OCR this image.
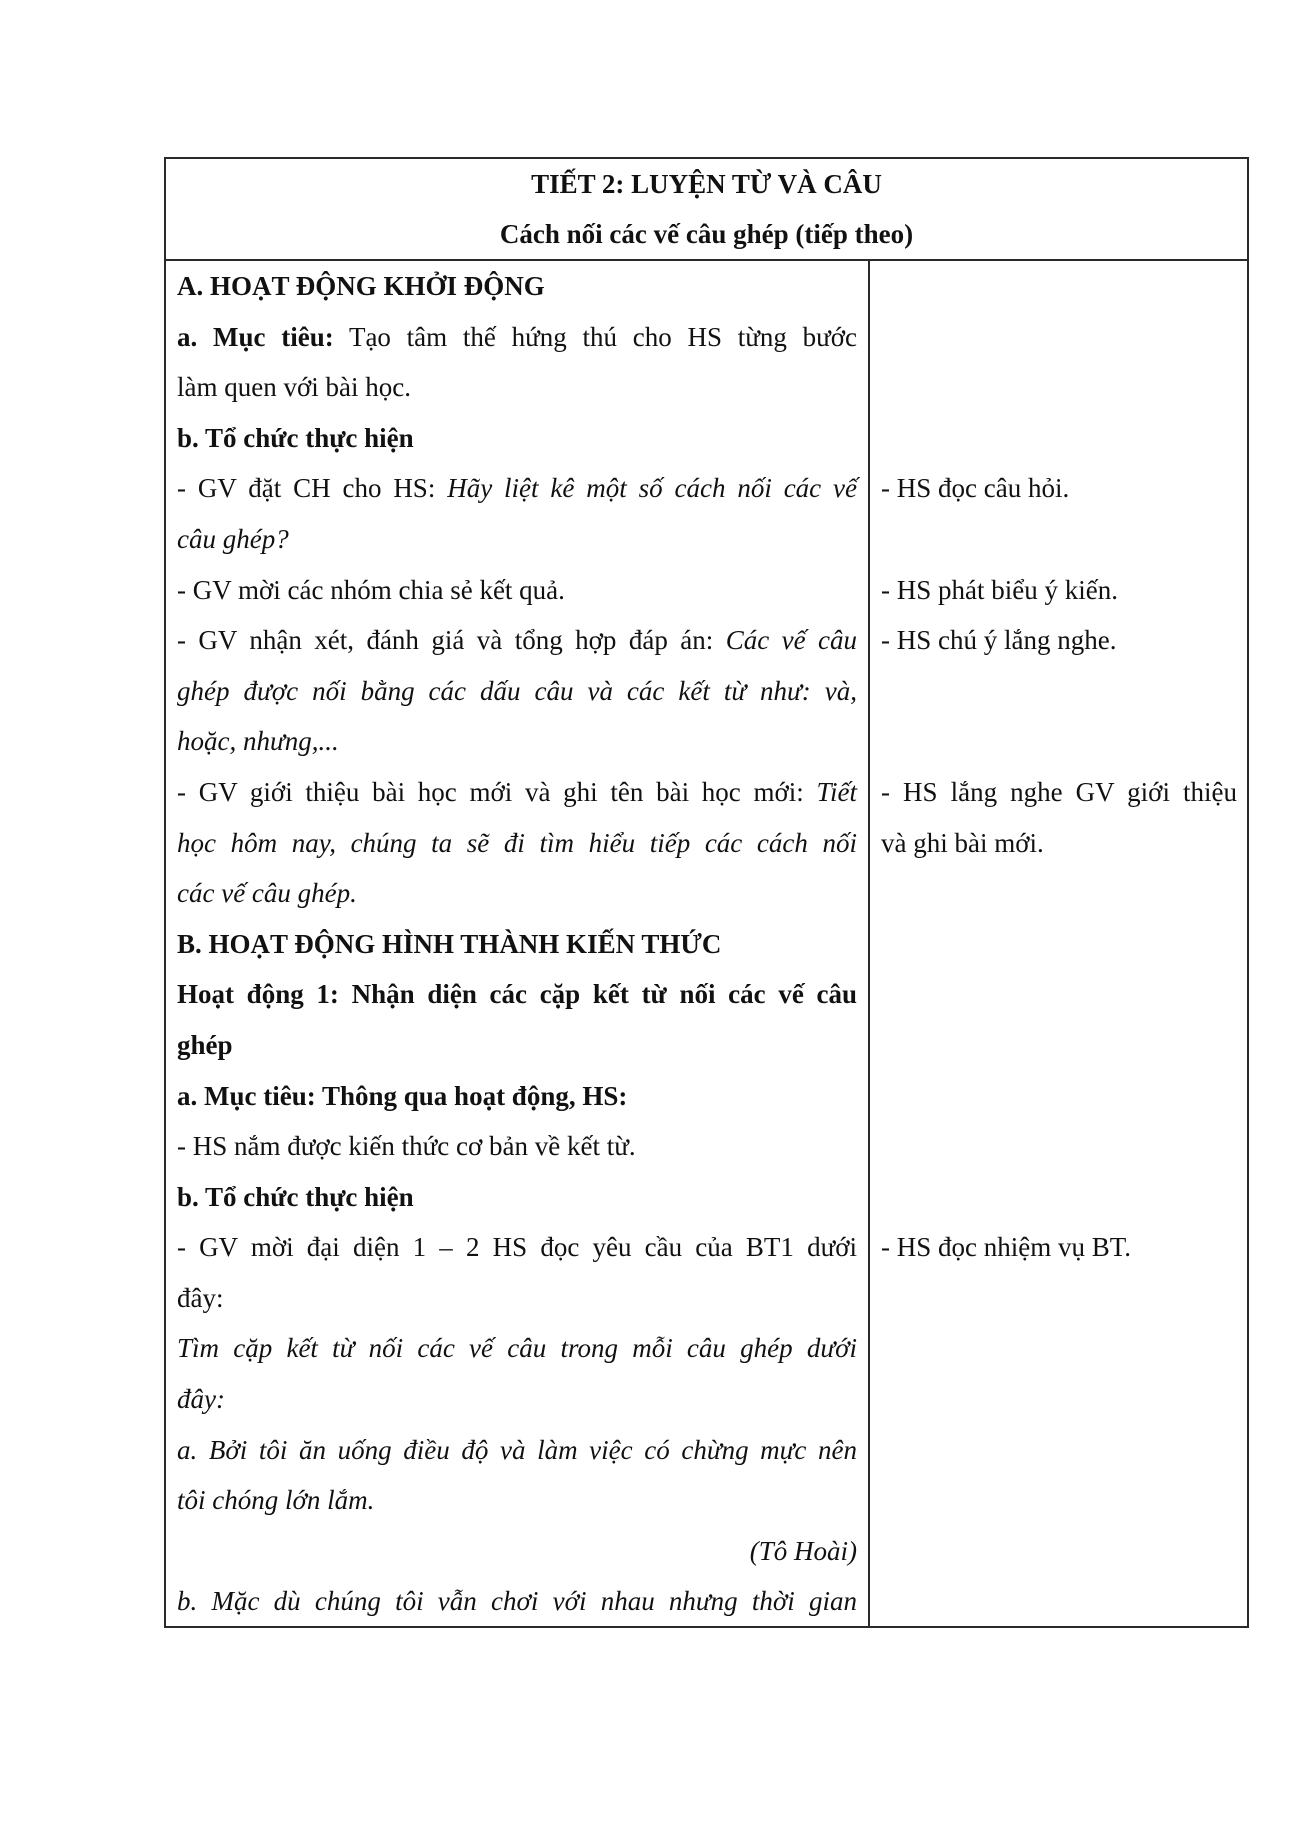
TIẾT 2: LUYỆN TỪ VÀ CÂU
Cách nối các vế câu ghép (tiếp theo)
A. HOẠT ĐỘNG KHỞI ĐỘNG
a. Mục tiêu: Tạo tâm thế hứng thú cho HS từng bước
làm quen với bài học.
b. Tổ chức thực hiện
- GV đặt CH cho HS: Hãy liệt kê một số cách nối các vế
câu ghép?
- GV mời các nhóm chia sẻ kết quả.
- GV nhận xét, đánh giá và tổng hợp đáp án: Các vế câu
ghép được nối bằng các dấu câu và các kết từ như: và,
hoặc, nhưng,...
- GV giới thiệu bài học mới và ghi tên bài học mới: Tiết
học hôm nay, chúng ta sẽ đi tìm hiểu tiếp các cách nối
các vế câu ghép.
B. HOẠT ĐỘNG HÌNH THÀNH KIẾN THỨC
Hoạt động 1: Nhận diện các cặp kết từ nối các vế câu
ghép
a. Mục tiêu: Thông qua hoạt động, HS:
- HS nắm được kiến thức cơ bản về kết từ.
b. Tổ chức thực hiện
- GV mời đại diện 1 – 2 HS đọc yêu cầu của BT1 dưới
đây:
Tìm cặp kết từ nối các vế câu trong mỗi câu ghép dưới
đây:
a. Bởi tôi ăn uống điều độ và làm việc có chừng mực nên
tôi chóng lớn lắm.
(Tô Hoài)
b. Mặc dù chúng tôi vẫn chơi với nhau nhưng thời gian
- HS đọc câu hỏi.
- HS phát biểu ý kiến.
- HS chú ý lắng nghe.
- HS lắng nghe GV giới thiệu
và ghi bài mới.
- HS đọc nhiệm vụ BT.
